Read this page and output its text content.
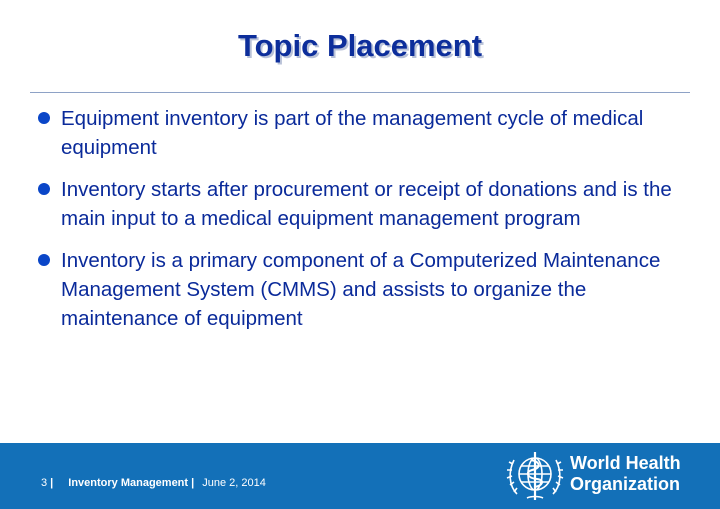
Topic Placement
Equipment inventory is part of the management cycle of medical equipment
Inventory starts after procurement or receipt of donations and is the main input to a medical equipment management program
Inventory is a primary component of a Computerized Maintenance Management System (CMMS) and assists to organize the maintenance of equipment
3 | Inventory Management | June 2, 2014
World Health
Organization
